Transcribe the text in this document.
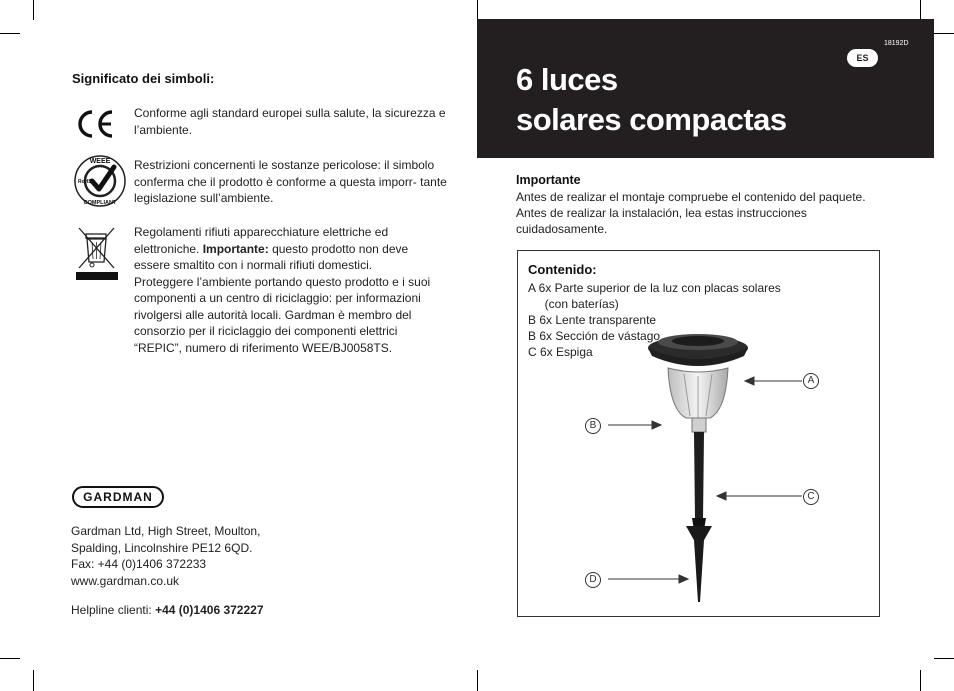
Significato dei simboli:
Conforme agli standard europei sulla salute, la sicurezza e l’ambiente.
WEEE
RoHS
COMPLIANT
Restrizioni concernenti le sostanze pericolose: il simbolo conferma che il prodotto è conforme a questa imporr- tante legislazione sull’ambiente.
Regolamenti rifiuti apparecchiature elettriche ed elettroniche. Importante: questo prodotto non deve essere smaltito con i normali rifiuti domestici. Proteggere l’ambiente portando questo prodotto e i suoi componenti a un centro di riciclaggio: per informazioni rivolgersi alle autorità locali. Gardman è membro del consorzio per il riciclaggio dei componenti elettrici “REPIC”, numero di riferimento WEE/BJ0058TS.
GARDMAN
Gardman Ltd, High Street, Moulton,
Spalding, Lincolnshire PE12 6QD.
Fax: +44 (0)1406 372233
www.gardman.co.uk
Helpline clienti: +44 (0)1406 372227
18192D
ES
6 luces
solares compactas
Importante
Antes de realizar el montaje compruebe el contenido del paquete. Antes de realizar la instalación, lea estas instrucciones cuidadosamente.
Contenido:
A 6x Parte superior de la luz con placas solares
(con baterías)
B 6x Lente transparente
B 6x Sección de vástago
C 6x Espiga
A
B
C
D
